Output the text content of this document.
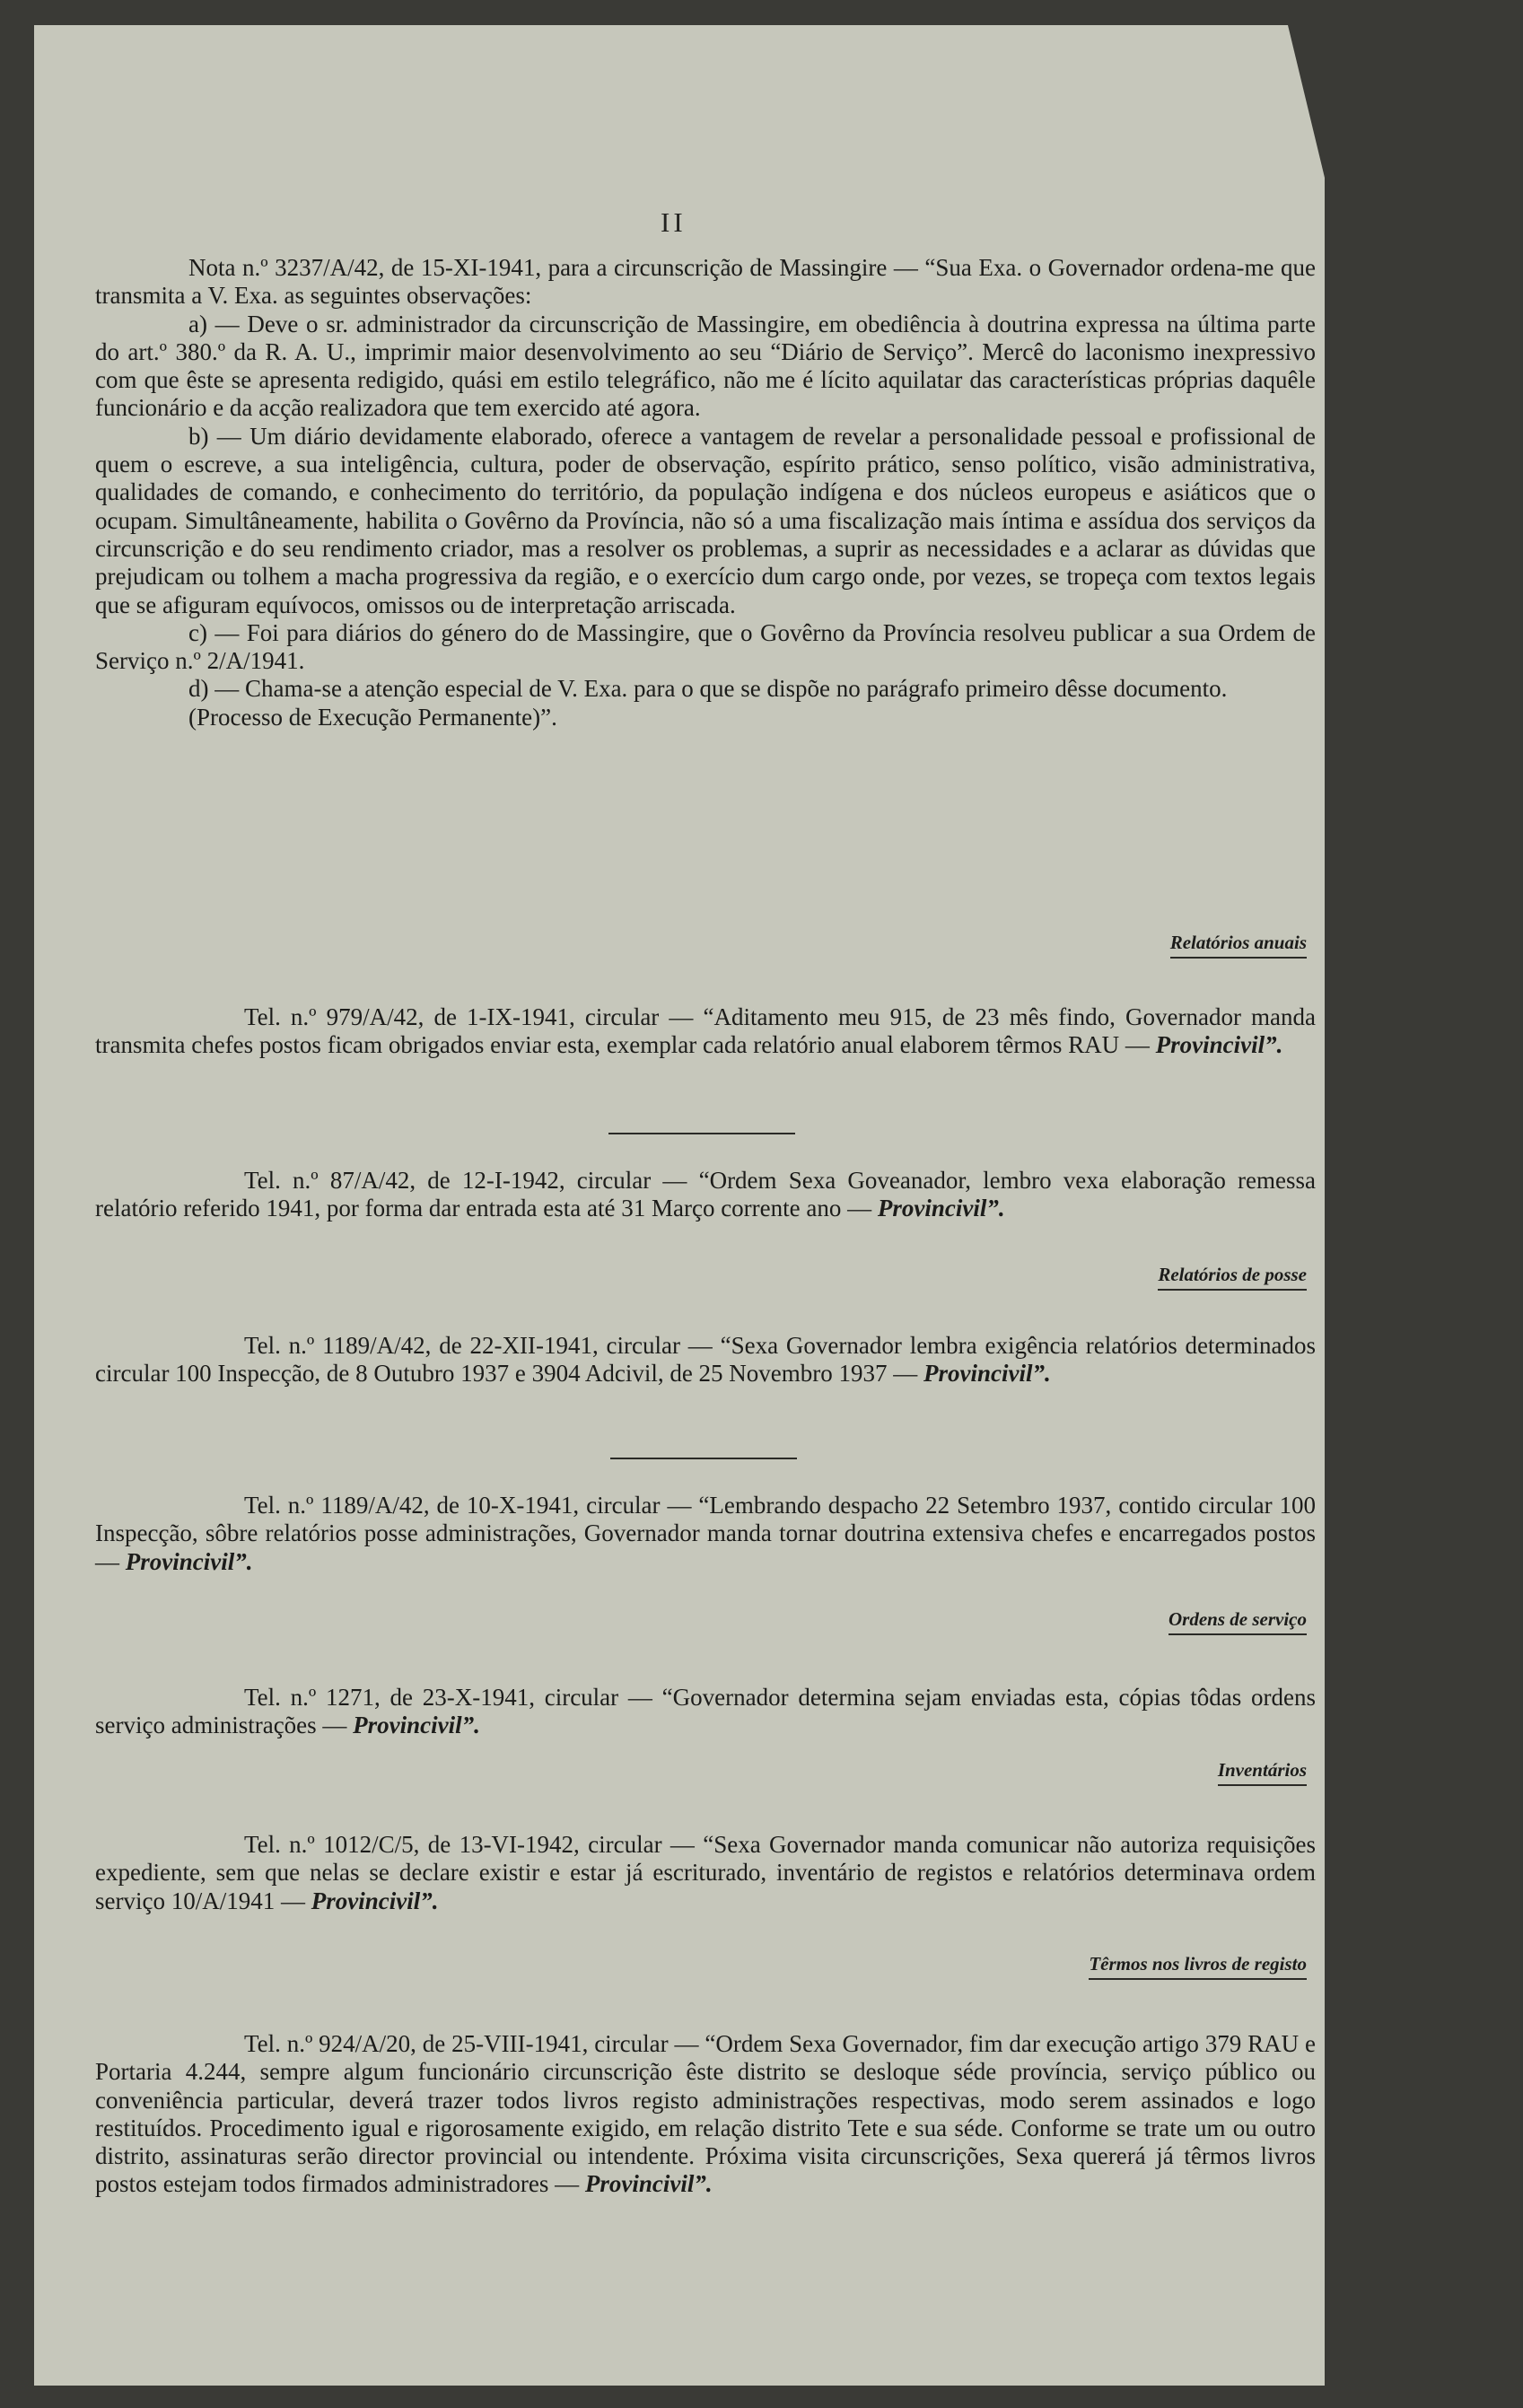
II

Nota n.º 3237/A/42, de 15-XI-1941, para a circunscrição de Massingire — “Sua Exa. o Governador ordena-me que transmita a V. Exa. as seguintes observações:

a) — Deve o sr. administrador da circunscrição de Massingire, em obediência à doutrina expressa na última parte do art.º 380.º da R. A. U., imprimir maior desenvolvimento ao seu “Diário de Serviço”. Mercê do laconismo inexpressivo com que êste se apresenta redigido, quási em estilo telegráfico, não me é lícito aquilatar das características próprias daquêle funcionário e da acção realizadora que tem exercido até agora.

b) — Um diário devidamente elaborado, oferece a vantagem de revelar a personalidade pessoal e profissional de quem o escreve, a sua inteligência, cultura, poder de observação, espírito prático, senso político, visão administrativa, qualidades de comando, e conhecimento do território, da população indígena e dos núcleos europeus e asiáticos que o ocupam. Simultâneamente, habilita o Govêrno da Província, não só a uma fiscalização mais íntima e assídua dos serviços da circunscrição e do seu rendimento criador, mas a resolver os problemas, a suprir as necessidades e a aclarar as dúvidas que prejudicam ou tolhem a macha progressiva da região, e o exercício dum cargo onde, por vezes, se tropeça com textos legais que se afiguram equívocos, omissos ou de interpretação arriscada.

c) — Foi para diários do género do de Massingire, que o Govêrno da Província resolveu publicar a sua Ordem de Serviço n.º 2/A/1941.

d) — Chama-se a atenção especial de V. Exa. para o que se dispõe no parágrafo primeiro dêsse documento.

(Processo de Execução Permanente)”.

Relatórios anuais

Tel. n.º 979/A/42, de 1-IX-1941, circular — “Aditamento meu 915, de 23 mês findo, Governador manda transmita chefes postos ficam obrigados enviar esta, exemplar cada relatório anual elaborem têrmos RAU — Provincivil”.

Tel. n.º 87/A/42, de 12-I-1942, circular — “Ordem Sexa Goveanador, lembro vexa elaboração remessa relatório referido 1941, por forma dar entrada esta até 31 Março corrente ano — Provincivil”.

Relatórios de posse

Tel. n.º 1189/A/42, de 22-XII-1941, circular — “Sexa Governador lembra exigência relatórios determinados circular 100 Inspecção, de 8 Outubro 1937 e 3904 Adcivil, de 25 Novembro 1937 — Provincivil”.

Tel. n.º 1189/A/42, de 10-X-1941, circular — “Lembrando despacho 22 Setembro 1937, contido circular 100 Inspecção, sôbre relatórios posse administrações, Governador manda tornar doutrina extensiva chefes e encarregados postos — Provincivil”.

Ordens de serviço

Tel. n.º 1271, de 23-X-1941, circular — “Governador determina sejam enviadas esta, cópias tôdas ordens serviço administrações — Provincivil”.

Inventários

Tel. n.º 1012/C/5, de 13-VI-1942, circular — “Sexa Governador manda comunicar não autoriza requisições expediente, sem que nelas se declare existir e estar já escriturado, inventário de registos e relatórios determinava ordem serviço 10/A/1941 — Provincivil”.

Têrmos nos livros de registo

Tel. n.º 924/A/20, de 25-VIII-1941, circular — “Ordem Sexa Governador, fim dar execução artigo 379 RAU e Portaria 4.244, sempre algum funcionário circunscrição êste distrito se desloque séde província, serviço público ou conveniência particular, deverá trazer todos livros registo administrações respectivas, modo serem assinados e logo restituídos. Procedimento igual e rigorosamente exigido, em relação distrito Tete e sua séde. Conforme se trate um ou outro distrito, assinaturas serão director provincial ou intendente. Próxima visita circunscrições, Sexa quererá já têrmos livros postos estejam todos firmados administradores — Provincivil”.
